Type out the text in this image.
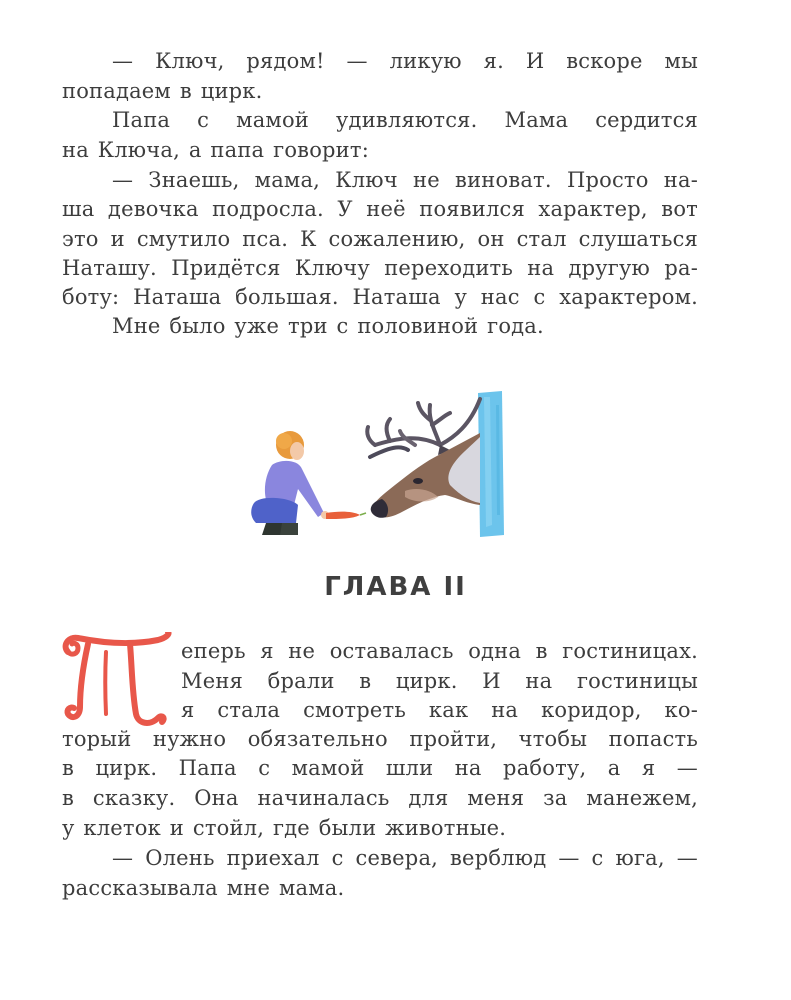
— Ключ, рядом! — ликую я. И вскоре мы
попадаем в цирк.
Папа с мамой удивляются. Мама сердится
на Ключа, а папа говорит:
— Знаешь, мама, Ключ не виноват. Просто на-
ша девочка подросла. У неё появился характер, вот
это и смутило пса. К сожалению, он стал слушаться
Наташу. Придётся Ключу переходить на другую ра-
боту: Наташа большая. Наташа у нас с характером.
Мне было уже три с половиной года.
ГЛАВА II
еперь я не оставалась одна в гостиницах.
Меня брали в цирк. И на гостиницы
я стала смотреть как на коридор, ко-
торый нужно обязательно пройти, чтобы попасть
в цирк. Папа с мамой шли на работу, а я —
в сказку. Она начиналась для меня за манежем,
у клеток и стойл, где были животные.
— Олень приехал с севера, верблюд — с юга, —
рассказывала мне мама.
